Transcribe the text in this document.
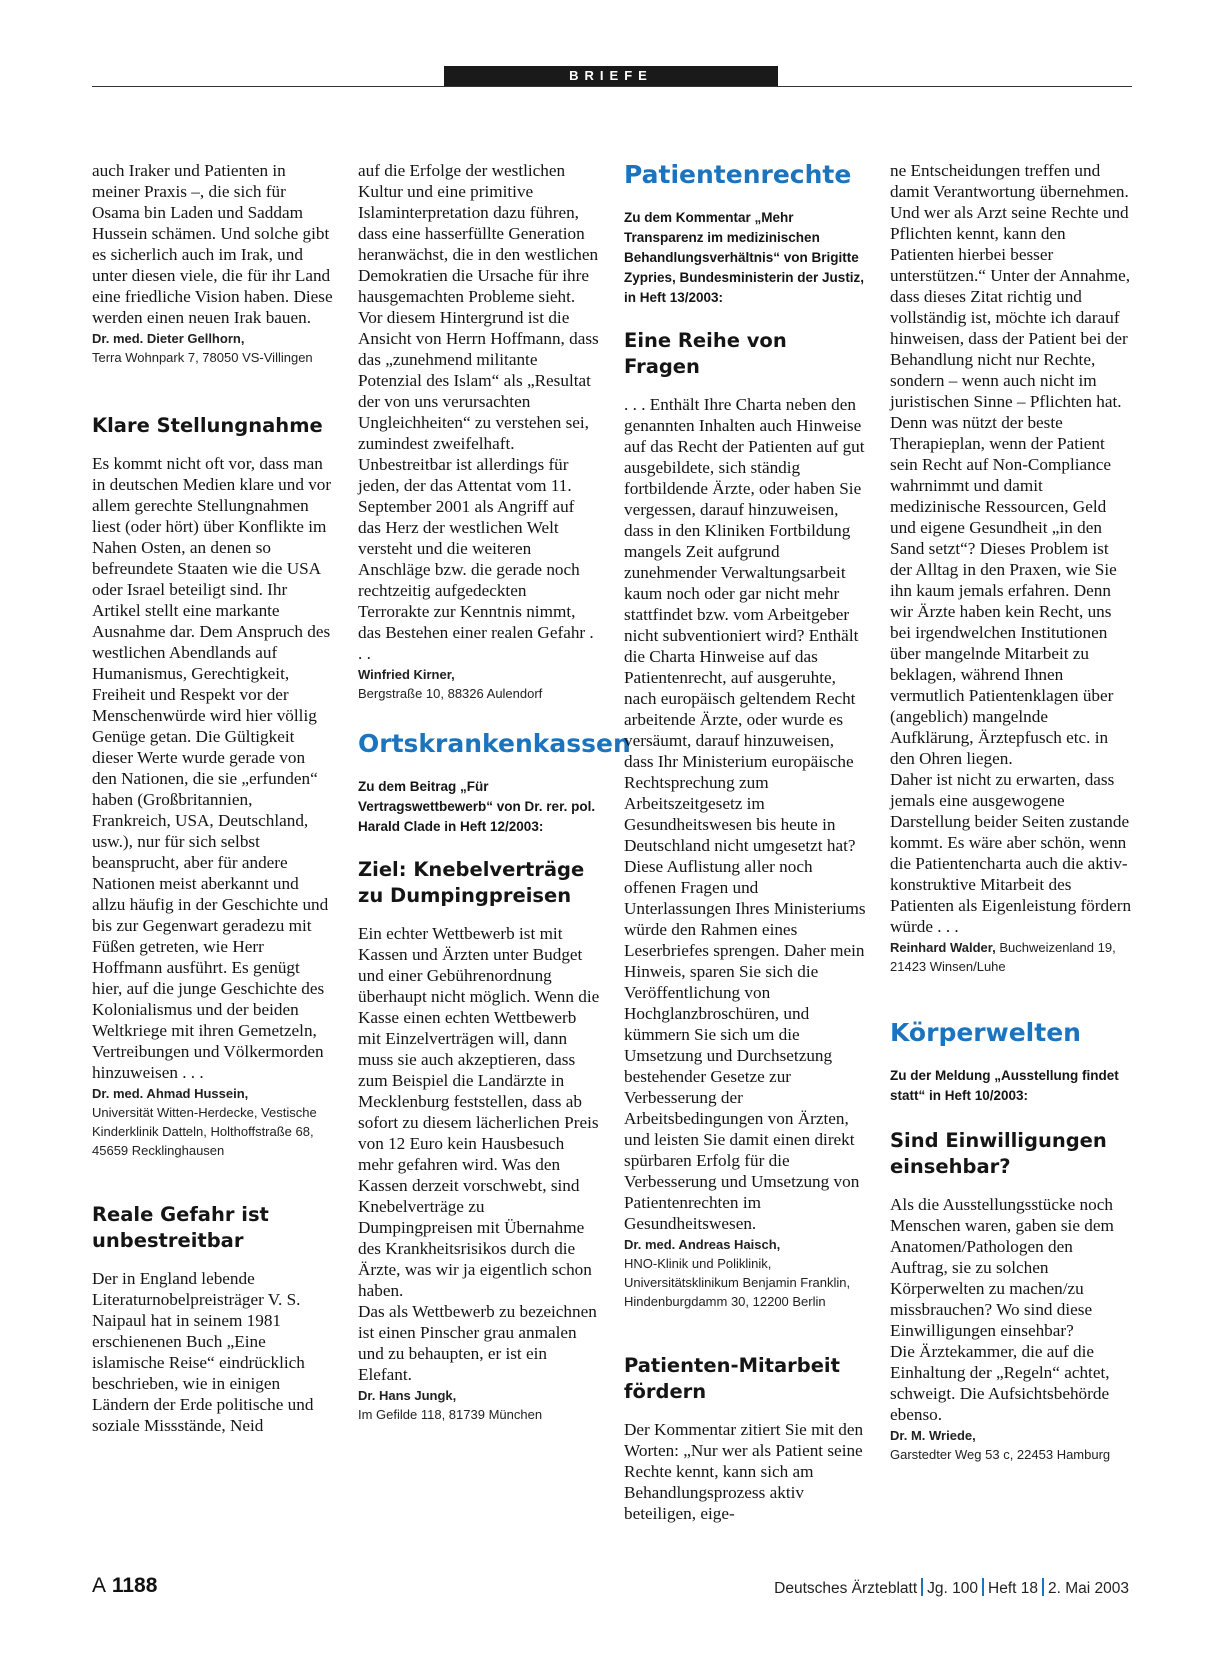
BRIEFE

auch Iraker und Patienten in meiner Praxis –, die sich für Osama bin Laden und Saddam Hussein schämen. Und solche gibt es sicherlich auch im Irak, und unter diesen viele, die für ihr Land eine friedliche Vision haben. Diese werden einen neuen Irak bauen.

Dr. med. Dieter Gellhorn,
Terra Wohnpark 7, 78050 VS-Villingen
Klare Stellungnahme

Es kommt nicht oft vor, dass man in deutschen Medien klare und vor allem gerechte Stellungnahmen liest (oder hört) über Konflikte im Nahen Osten, an denen so befreundete Staaten wie die USA oder Israel beteiligt sind. Ihr Artikel stellt eine markante Ausnahme dar. Dem Anspruch des westlichen Abendlands auf Humanismus, Gerechtigkeit, Freiheit und Respekt vor der Menschenwürde wird hier völlig Genüge getan. Die Gültigkeit dieser Werte wurde gerade von den Nationen, die sie „erfunden“ haben (Großbritannien, Frankreich, USA, Deutschland, usw.), nur für sich selbst beansprucht, aber für andere Nationen meist aberkannt und allzu häufig in der Geschichte und bis zur Gegenwart geradezu mit Füßen getreten, wie Herr Hoffmann ausführt. Es genügt hier, auf die junge Geschichte des Kolonialismus und der beiden Weltkriege mit ihren Gemetzeln, Vertreibungen und Völkermorden hinzuweisen . . .

Dr. med. Ahmad Hussein,
Universität Witten-Herdecke, Vestische Kinderklinik Datteln, Holthoffstraße 68, 45659 Recklinghausen
Reale Gefahr ist unbestreitbar

Der in England lebende Literaturnobelpreisträger V. S. Naipaul hat in seinem 1981 erschienenen Buch „Eine islamische Reise“ eindrücklich beschrieben, wie in einigen Ländern der Erde politische und soziale Missstände, Neid

auf die Erfolge der westlichen Kultur und eine primitive Islaminterpretation dazu führen, dass eine hasserfüllte Generation heranwächst, die in den westlichen Demokratien die Ursache für ihre hausgemachten Probleme sieht. Vor diesem Hintergrund ist die Ansicht von Herrn Hoffmann, dass das „zunehmend militante Potenzial des Islam“ als „Resultat der von uns verursachten Ungleichheiten“ zu verstehen sei, zumindest zweifelhaft. Unbestreitbar ist allerdings für jeden, der das Attentat vom 11. September 2001 als Angriff auf das Herz der westlichen Welt versteht und die weiteren Anschläge bzw. die gerade noch rechtzeitig aufgedeckten Terrorakte zur Kenntnis nimmt, das Bestehen einer realen Gefahr . . .

Winfried Kirner,
Bergstraße 10, 88326 Aulendorf
Ortskrankenkassen

Zu dem Beitrag „Für Vertragswettbewerb“ von Dr. rer. pol. Harald Clade in Heft 12/2003:

Ziel: Knebelverträge zu Dumpingpreisen

Ein echter Wettbewerb ist mit Kassen und Ärzten unter Budget und einer Gebührenordnung überhaupt nicht möglich. Wenn die Kasse einen echten Wettbewerb mit Einzelverträgen will, dann muss sie auch akzeptieren, dass zum Beispiel die Landärzte in Mecklenburg feststellen, dass ab sofort zu diesem lächerlichen Preis von 12 Euro kein Hausbesuch mehr gefahren wird. Was den Kassen derzeit vorschwebt, sind Knebelverträge zu Dumpingpreisen mit Übernahme des Krankheitsrisikos durch die Ärzte, was wir ja eigentlich schon haben.

Das als Wettbewerb zu bezeichnen ist einen Pinscher grau anmalen und zu behaupten, er ist ein Elefant.

Dr. Hans Jungk,
Im Gefilde 118, 81739 München
Patientenrechte

Zu dem Kommentar „Mehr Transparenz im medizinischen Behandlungsverhältnis“ von Brigitte Zypries, Bundesministerin der Justiz, in Heft 13/2003:

Eine Reihe von Fragen

. . . Enthält Ihre Charta neben den genannten Inhalten auch Hinweise auf das Recht der Patienten auf gut ausgebildete, sich ständig fortbildende Ärzte, oder haben Sie vergessen, darauf hinzuweisen, dass in den Kliniken Fortbildung mangels Zeit aufgrund zunehmender Verwaltungsarbeit kaum noch oder gar nicht mehr stattfindet bzw. vom Arbeitgeber nicht subventioniert wird? Enthält die Charta Hinweise auf das Patientenrecht, auf ausgeruhte, nach europäisch geltendem Recht arbeitende Ärzte, oder wurde es versäumt, darauf hinzuweisen, dass Ihr Ministerium europäische Rechtsprechung zum Arbeitszeitgesetz im Gesundheitswesen bis heute in Deutschland nicht umgesetzt hat? Diese Auflistung aller noch offenen Fragen und Unterlassungen Ihres Ministeriums würde den Rahmen eines Leserbriefes sprengen. Daher mein Hinweis, sparen Sie sich die Veröffentlichung von Hochglanzbroschüren, und kümmern Sie sich um die Umsetzung und Durchsetzung bestehender Gesetze zur Verbesserung der Arbeitsbedingungen von Ärzten, und leisten Sie damit einen direkt spürbaren Erfolg für die Verbesserung und Umsetzung von Patientenrechten im Gesundheitswesen.

Dr. med. Andreas Haisch,
HNO-Klinik und Poliklinik, Universitätsklinikum Benjamin Franklin, Hindenburgdamm 30, 12200 Berlin
Patienten-Mitarbeit fördern

Der Kommentar zitiert Sie mit den Worten: „Nur wer als Patient seine Rechte kennt, kann sich am Behandlungsprozess aktiv beteiligen, eige-

ne Entscheidungen treffen und damit Verantwortung übernehmen. Und wer als Arzt seine Rechte und Pflichten kennt, kann den Patienten hierbei besser unterstützen.“ Unter der Annahme, dass dieses Zitat richtig und vollständig ist, möchte ich darauf hinweisen, dass der Patient bei der Behandlung nicht nur Rechte, sondern – wenn auch nicht im juristischen Sinne – Pflichten hat. Denn was nützt der beste Therapieplan, wenn der Patient sein Recht auf Non-Compliance wahrnimmt und damit medizinische Ressourcen, Geld und eigene Gesundheit „in den Sand setzt“? Dieses Problem ist der Alltag in den Praxen, wie Sie ihn kaum jemals erfahren. Denn wir Ärzte haben kein Recht, uns bei irgendwelchen Institutionen über mangelnde Mitarbeit zu beklagen, während Ihnen vermutlich Patientenklagen über (angeblich) mangelnde Aufklärung, Ärztepfusch etc. in den Ohren liegen.

Daher ist nicht zu erwarten, dass jemals eine ausgewogene Darstellung beider Seiten zustande kommt. Es wäre aber schön, wenn die Patientencharta auch die aktiv-konstruktive Mitarbeit des Patienten als Eigenleistung fördern würde . . .

Reinhard Walder, Buchweizenland 19, 21423 Winsen/Luhe
Körperwelten

Zu der Meldung „Ausstellung findet statt“ in Heft 10/2003:

Sind Einwilligungen einsehbar?

Als die Ausstellungsstücke noch Menschen waren, gaben sie dem Anatomen/Pathologen den Auftrag, sie zu solchen Körperwelten zu machen/zu missbrauchen? Wo sind diese Einwilligungen einsehbar?

Die Ärztekammer, die auf die Einhaltung der „Regeln“ achtet, schweigt. Die Aufsichtsbehörde ebenso.

Dr. M. Wriede,
Garstedter Weg 53 c, 22453 Hamburg
A 1188	Deutsches Ärzteblatt Jg. 100 Heft 18 2. Mai 2003
